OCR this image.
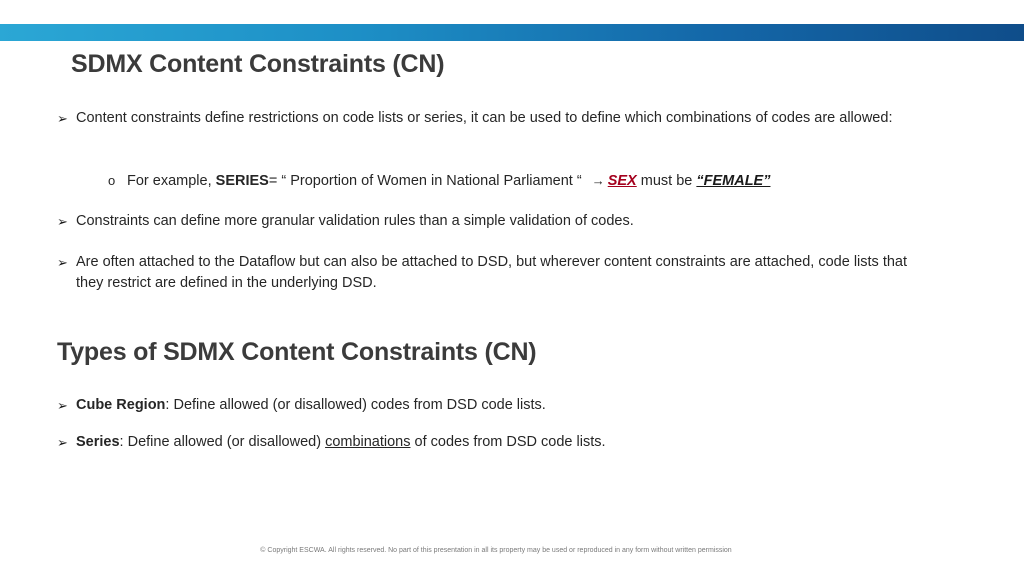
SDMX Content Constraints (CN)
➢ Content constraints define restrictions on code lists or series, it can be used to define which combinations of codes are allowed:
o For example, SERIES= “ Proportion of Women in National Parliament “ → SEX must be “FEMALE”
➢ Constraints can define more granular validation rules than a simple validation of codes.
➢ Are often attached to the Dataflow but can also be attached to DSD, but wherever content constraints are attached, code lists that they restrict are defined in the underlying DSD.
Types of SDMX Content Constraints (CN)
➢ Cube Region: Define allowed (or disallowed) codes from DSD code lists.
➢ Series: Define allowed (or disallowed) combinations of codes from DSD code lists.
© Copyright ESCWA. All rights reserved. No part of this presentation in all its property may be used or reproduced in any form without written permission
